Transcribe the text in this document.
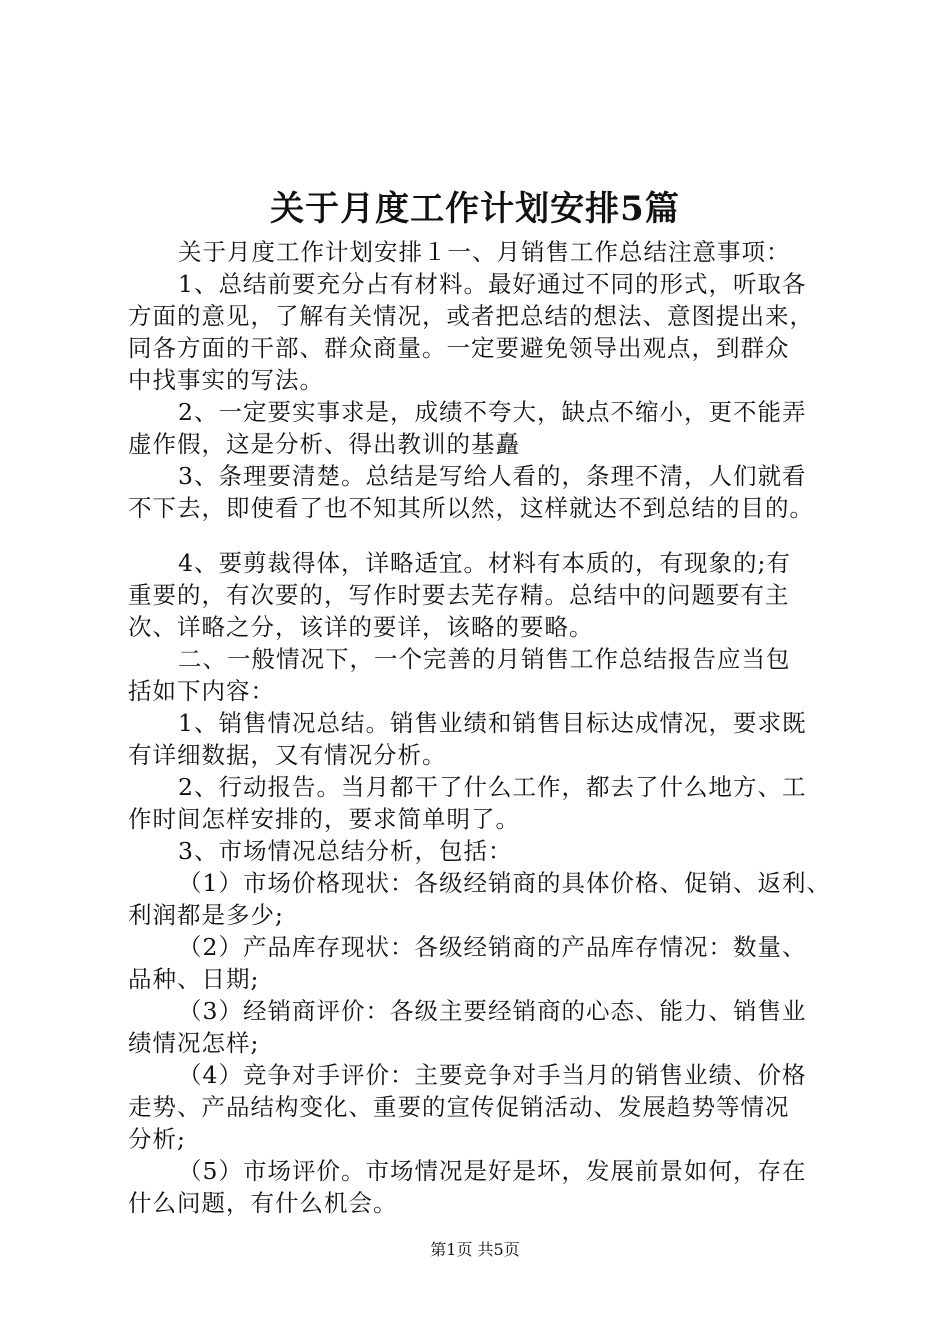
关于月度工作计划安排5篇

关于月度工作计划安排１一、月销售工作总结注意事项：

1、总结前要充分占有材料。最好通过不同的形式，听取各

方面的意见，了解有关情况，或者把总结的想法、意图提出来，

同各方面的干部、群众商量。一定要避免领导出观点，到群众

中找事实的写法。

2、一定要实事求是，成绩不夸大，缺点不缩小，更不能弄

虚作假，这是分析、得出教训的基矗

3、条理要清楚。总结是写给人看的，条理不清，人们就看

不下去，即使看了也不知其所以然，这样就达不到总结的目的。

4、要剪裁得体，详略适宜。材料有本质的，有现象的;有

重要的，有次要的，写作时要去芜存精。总结中的问题要有主

次、详略之分，该详的要详，该略的要略。

二、一般情况下，一个完善的月销售工作总结报告应当包

括如下内容：

1、销售情况总结。销售业绩和销售目标达成情况，要求既

有详细数据，又有情况分析。

2、行动报告。当月都干了什么工作，都去了什么地方、工

作时间怎样安排的，要求简单明了。

3、市场情况总结分析，包括：

（1）市场价格现状：各级经销商的具体价格、促销、返利、

利润都是多少;

（2）产品库存现状：各级经销商的产品库存情况：数量、

品种、日期;

（3）经销商评价：各级主要经销商的心态、能力、销售业

绩情况怎样;

（4）竞争对手评价：主要竞争对手当月的销售业绩、价格

走势、产品结构变化、重要的宣传促销活动、发展趋势等情况

分析;

（5）市场评价。市场情况是好是坏，发展前景如何，存在

什么问题，有什么机会。

第1页 共5页
